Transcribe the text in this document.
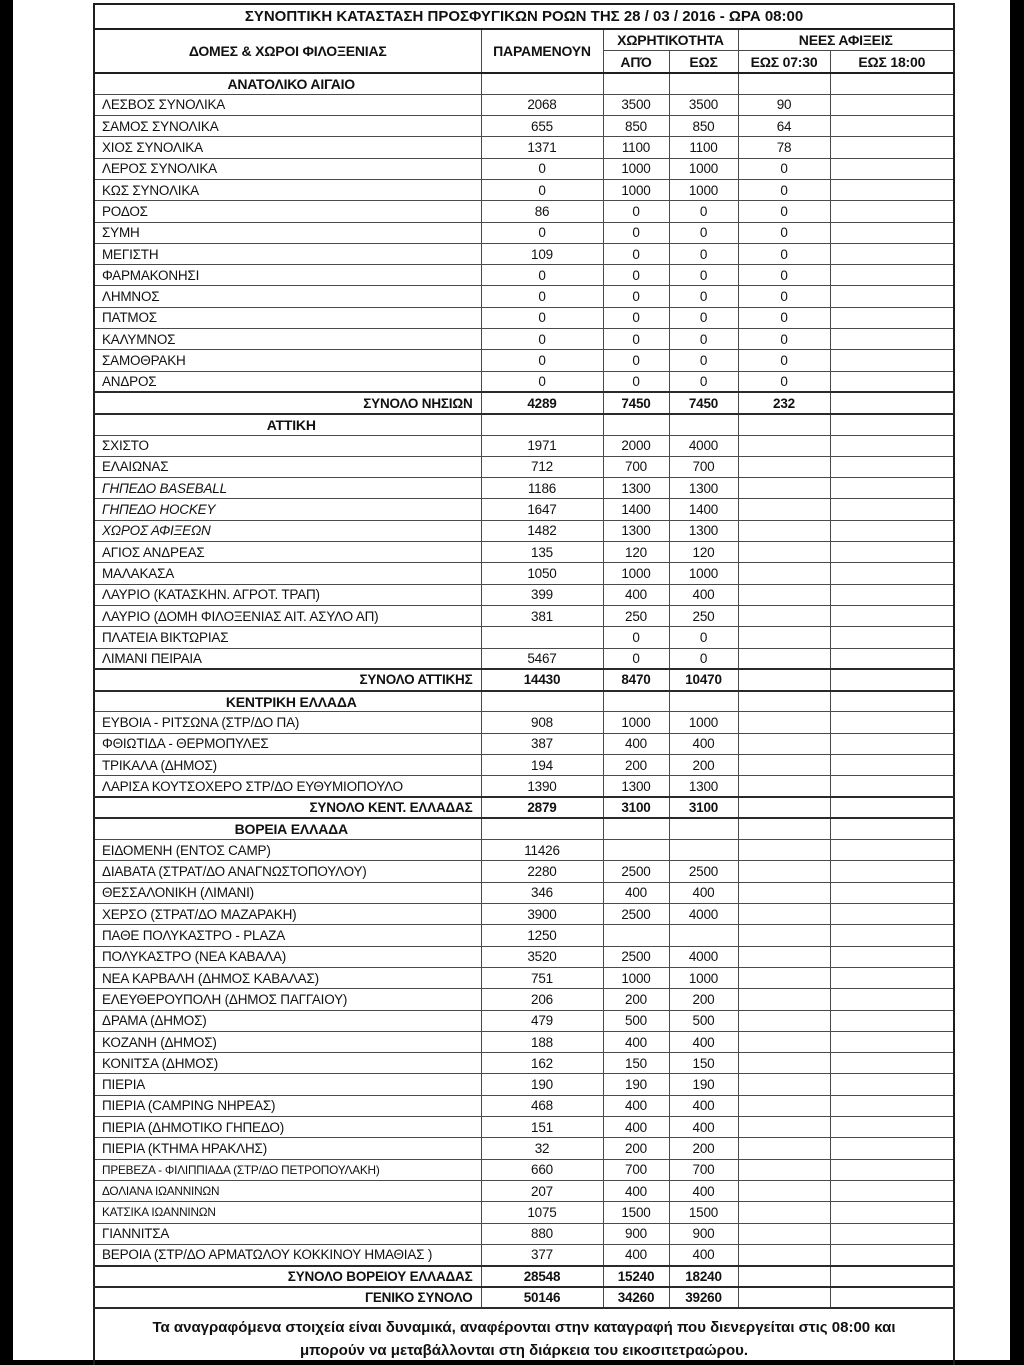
ΣΥΝΟΠΤΙΚΗ ΚΑΤΑΣΤΑΣΗ ΠΡΟΣΦΥΓΙΚΩΝ ΡΟΩΝ ΤΗΣ 28 / 03 / 2016 - ΩΡΑ 08:00					
ΔΟΜΕΣ & ΧΩΡΟΙ ΦΙΛΟΞΕΝΙΑΣ	ΠΑΡΑΜΕΝΟΥΝ	ΧΩΡΗΤΙΚΟΤΗΤΑ		ΝΕΕΣ ΑΦΙΞΕΙΣ	
		ΑΠΌ	ΕΩΣ	ΕΩΣ 07:30	ΕΩΣ 18:00
ΑΝΑΤΟΛΙΚΟ ΑΙΓΑΙΟ					
ΛΕΣΒΟΣ ΣΥΝΟΛΙΚΑ	2068	3500	3500	90	
ΣΑΜΟΣ ΣΥΝΟΛΙΚΑ	655	850	850	64	
ΧΙΟΣ ΣΥΝΟΛΙΚΑ	1371	1100	1100	78	
ΛΕΡΟΣ ΣΥΝΟΛΙΚΑ	0	1000	1000	0	
ΚΩΣ ΣΥΝΟΛΙΚΑ	0	1000	1000	0	
ΡΟΔΟΣ	86	0	0	0	
ΣΥΜΗ	0	0	0	0	
ΜΕΓΙΣΤΗ	109	0	0	0	
ΦΑΡΜΑΚΟΝΗΣΙ	0	0	0	0	
ΛΗΜΝΟΣ	0	0	0	0	
ΠΑΤΜΟΣ	0	0	0	0	
ΚΑΛΥΜΝΟΣ	0	0	0	0	
ΣΑΜΟΘΡΑΚΗ	0	0	0	0	
ΑΝΔΡΟΣ	0	0	0	0	
ΣΥΝΟΛΟ ΝΗΣΙΩΝ	4289	7450	7450	232	
ΑΤΤΙΚΗ					
ΣΧΙΣΤΟ	1971	2000	4000		
ΕΛΑΙΩΝΑΣ	712	700	700		
ΓΗΠΕΔΟ BASEBALL	1186	1300	1300		
ΓΗΠΕΔΟ HOCKEY	1647	1400	1400		
ΧΩΡΟΣ ΑΦΙΞΕΩΝ	1482	1300	1300		
ΑΓΙΟΣ ΑΝΔΡΕΑΣ	135	120	120		
ΜΑΛΑΚΑΣΑ	1050	1000	1000		
ΛΑΥΡΙΟ (ΚΑΤΑΣΚΗΝ. ΑΓΡΟΤ. ΤΡΑΠ)	399	400	400		
ΛΑΥΡΙΟ (ΔΟΜΗ ΦΙΛΟΞΕΝΙΑΣ ΑΙΤ. ΑΣΥΛΟ ΑΠ)	381	250	250		
ΠΛΑΤΕΙΑ ΒΙΚΤΩΡΙΑΣ		0	0		
ΛΙΜΑΝΙ ΠΕΙΡΑΙΑ	5467	0	0		
ΣΥΝΟΛΟ ΑΤΤΙΚΗΣ	14430	8470	10470		
ΚΕΝΤΡΙΚΗ ΕΛΛΑΔΑ					
ΕΥΒΟΙΑ - ΡΙΤΣΩΝΑ (ΣΤΡ/ΔΟ ΠΑ)	908	1000	1000		
ΦΘΙΩΤΙΔΑ - ΘΕΡΜΟΠΥΛΕΣ	387	400	400		
ΤΡΙΚΑΛΑ (ΔΗΜΟΣ)	194	200	200		
ΛΑΡΙΣΑ ΚΟΥΤΣΟΧΕΡΟ ΣΤΡ/ΔΟ ΕΥΘΥΜΙΟΠΟΥΛΟ	1390	1300	1300		
ΣΥΝΟΛΟ ΚΕΝΤ. ΕΛΛΑΔΑΣ	2879	3100	3100		
ΒΟΡΕΙΑ ΕΛΛΑΔΑ					
ΕΙΔΟΜΕΝΗ (ΕΝΤΟΣ CAMP)	11426				
ΔΙΑΒΑΤΑ (ΣΤΡΑΤ/ΔΟ ΑΝΑΓΝΩΣΤΟΠΟΥΛΟΥ)	2280	2500	2500		
ΘΕΣΣΑΛΟΝΙΚΗ (ΛΙΜΑΝΙ)	346	400	400		
ΧΕΡΣΟ (ΣΤΡΑΤ/ΔΟ ΜΑΖΑΡΑΚΗ)	3900	2500	4000		
ΠΑΘΕ ΠΟΛΥΚΑΣΤΡΟ - PLAZA	1250				
ΠΟΛΥΚΑΣΤΡΟ (ΝΕΑ ΚΑΒΑΛΑ)	3520	2500	4000		
ΝΕΑ ΚΑΡΒΑΛΗ (ΔΗΜΟΣ ΚΑΒΑΛΑΣ)	751	1000	1000		
ΕΛΕΥΘΕΡΟΥΠΟΛΗ (ΔΗΜΟΣ ΠΑΓΓΑΙΟΥ)	206	200	200		
ΔΡΑΜΑ (ΔΗΜΟΣ)	479	500	500		
ΚΟΖΑΝΗ (ΔΗΜΟΣ)	188	400	400		
ΚΟΝΙΤΣΑ (ΔΗΜΟΣ)	162	150	150		
ΠΙΕΡΙΑ	190	190	190		
ΠΙΕΡΙΑ (CAMPING ΝΗΡΕΑΣ)	468	400	400		
ΠΙΕΡΙΑ (ΔΗΜΟΤΙΚΟ ΓΗΠΕΔΟ)	151	400	400		
ΠΙΕΡΙΑ (ΚΤΗΜΑ ΗΡΑΚΛΗΣ)	32	200	200		
ΠΡΕΒΕΖΑ - ΦΙΛΙΠΠΙΑΔΑ (ΣΤΡ/ΔΟ ΠΕΤΡΟΠΟΥΛΑΚΗ)	660	700	700		
ΔΟΛΙΑΝΑ ΙΩΑΝΝΙΝΩΝ	207	400	400		
ΚΑΤΣΙΚΑ ΙΩΑΝΝΙΝΩΝ	1075	1500	1500		
ΓΙΑΝΝΙΤΣΑ	880	900	900		
ΒΕΡΟΙΑ (ΣΤΡ/ΔΟ ΑΡΜΑΤΩΛΟΥ ΚΟΚΚΙΝΟΥ ΗΜΑΘΙΑΣ )	377	400	400		
ΣΥΝΟΛΟ ΒΟΡΕΙΟΥ ΕΛΛΑΔΑΣ	28548	15240	18240		
ΓΕΝΙΚΟ ΣΥΝΟΛΟ	50146	34260	39260		
Τα αναγραφόμενα στοιχεία είναι δυναμικά, αναφέρονται στην καταγραφή που διενεργείται στις 08:00 και μπορούν να μεταβάλλονται στη διάρκεια του εικοσιτετραώρου.					
